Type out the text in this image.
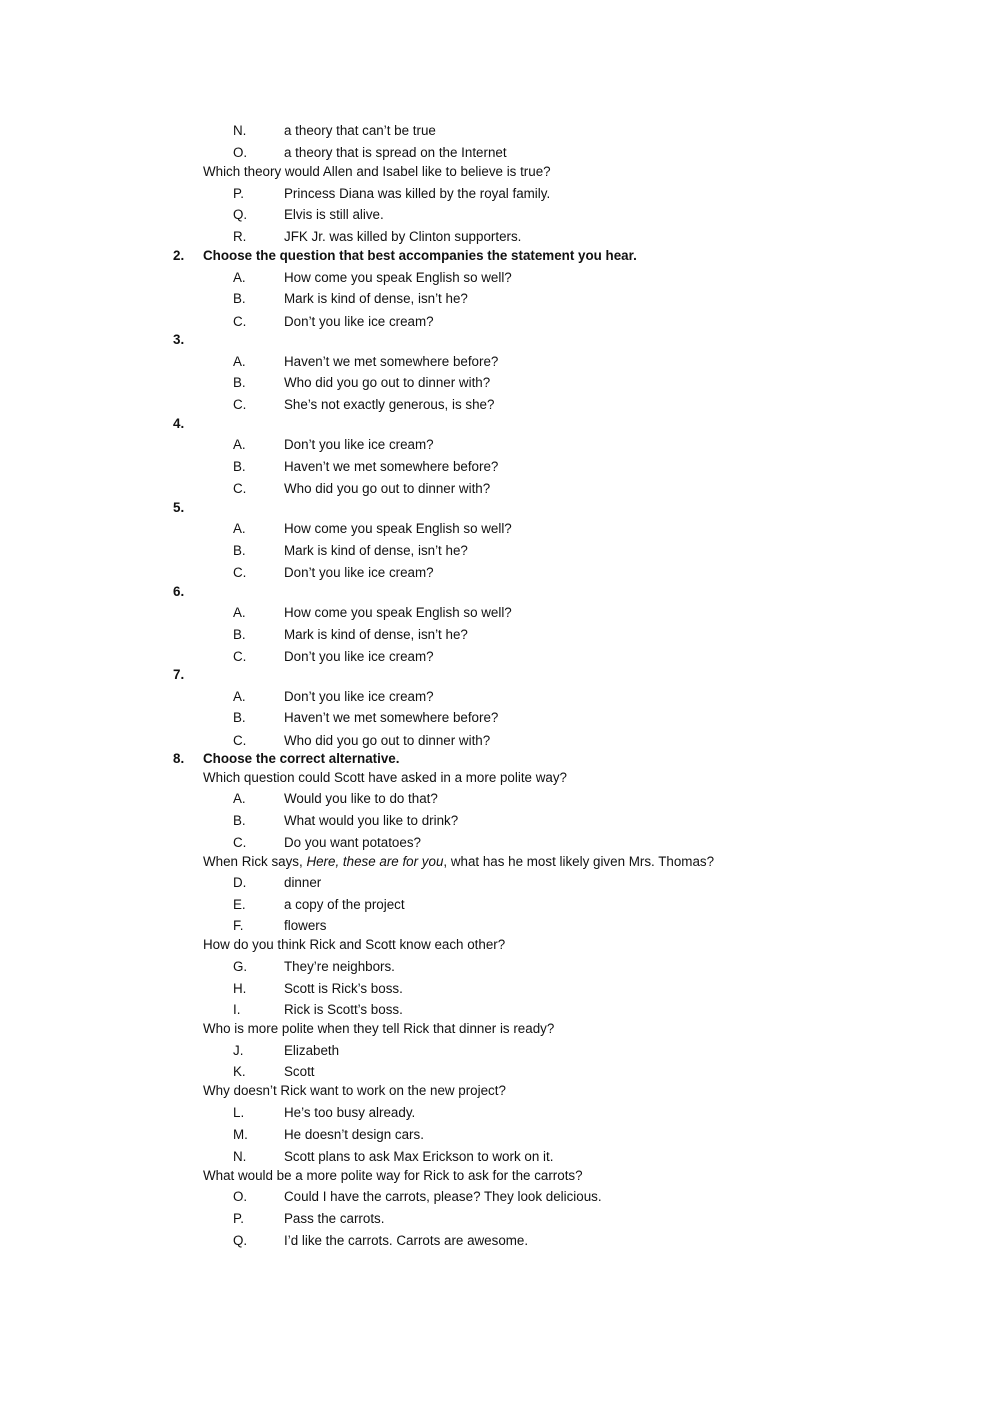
N.	a theory that can’t be true
O.	a theory that is spread on the Internet
Which theory would Allen and Isabel like to believe is true?
P.	Princess Diana was killed by the royal family.
Q.	Elvis is still alive.
R.	JFK Jr. was killed by Clinton supporters.
2. Choose the question that best accompanies the statement you hear.
A.	How come you speak English so well?
B.	Mark is kind of dense, isn’t he?
C.	Don’t you like ice cream?
3.
A.	Haven’t we met somewhere before?
B.	Who did you go out to dinner with?
C.	She’s not exactly generous, is she?
4.
A.	Don’t you like ice cream?
B.	Haven’t we met somewhere before?
C.	Who did you go out to dinner with?
5.
A.	How come you speak English so well?
B.	Mark is kind of dense, isn’t he?
C.	Don’t you like ice cream?
6.
A.	How come you speak English so well?
B.	Mark is kind of dense, isn’t he?
C.	Don’t you like ice cream?
7.
A.	Don’t you like ice cream?
B.	Haven’t we met somewhere before?
C.	Who did you go out to dinner with?
8. Choose the correct alternative.
Which question could Scott have asked in a more polite way?
A.	Would you like to do that?
B.	What would you like to drink?
C.	Do you want potatoes?
When Rick says, Here, these are for you, what has he most likely given Mrs. Thomas?
D.	dinner
E.	a copy of the project
F.	flowers
How do you think Rick and Scott know each other?
G.	They’re neighbors.
H.	Scott is Rick’s boss.
I.	Rick is Scott’s boss.
Who is more polite when they tell Rick that dinner is ready?
J.	Elizabeth
K.	Scott
Why doesn’t Rick want to work on the new project?
L.	He’s too busy already.
M.	He doesn’t design cars.
N.	Scott plans to ask Max Erickson to work on it.
What would be a more polite way for Rick to ask for the carrots?
O.	Could I have the carrots, please? They look delicious.
P.	Pass the carrots.
Q.	I’d like the carrots. Carrots are awesome.
